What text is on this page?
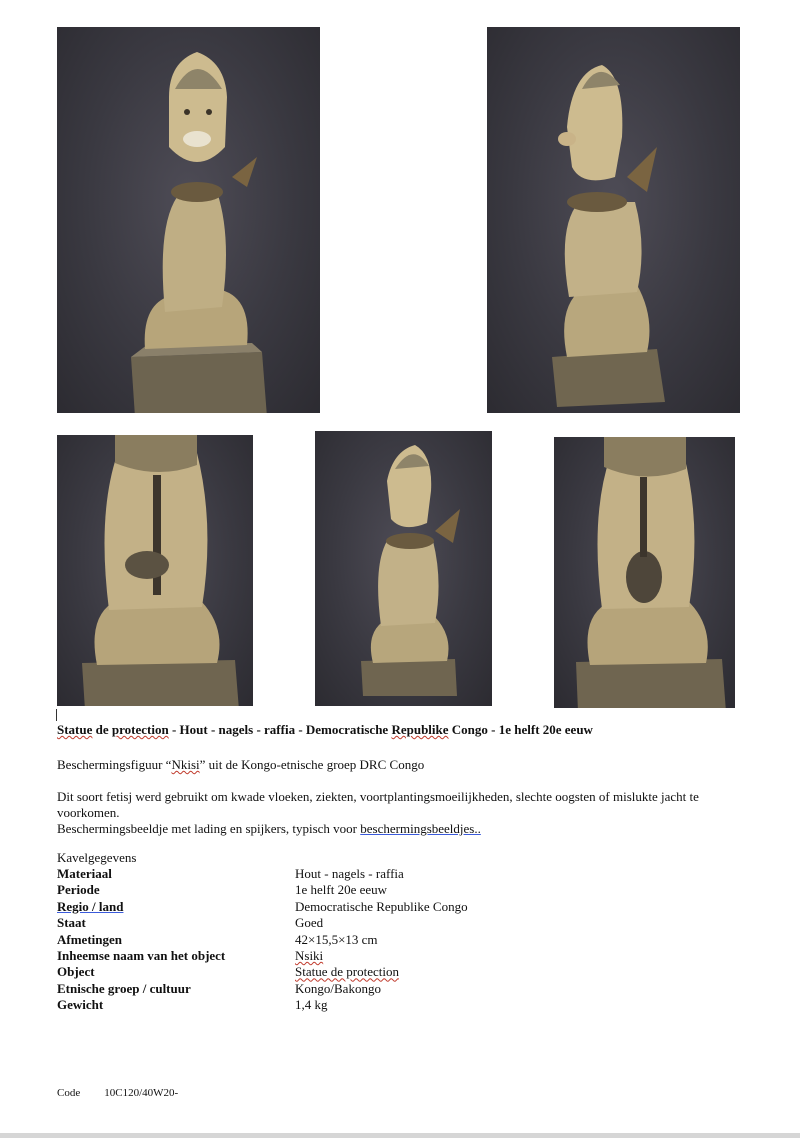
Statue de protection - Hout - nagels - raffia - Democratische Republike Congo - 1e helft 20e eeuw
Beschermingsfiguur “Nkisi” uit de Kongo-etnische groep DRC Congo
Dit soort fetisj werd gebruikt om kwade vloeken, ziekten, voortplantingsmoeilijkheden, slechte oogsten of mislukte jacht te
voorkomen.
Beschermingsbeeldje met lading en spijkers, typisch voor beschermingsbeeldjes..
Kavelgegevens
Materiaal	Hout - nagels - raffia
Periode	1e helft 20e eeuw
Regio / land	Democratische Republike Congo
Staat	Goed
Afmetingen	42×15,5×13 cm
Inheemse naam van het object	Nsiki
Object	Statue de protection
Etnische groep / cultuur	Kongo/Bakongo
Gewicht	1,4 kg
Code 10C120/40W20-
